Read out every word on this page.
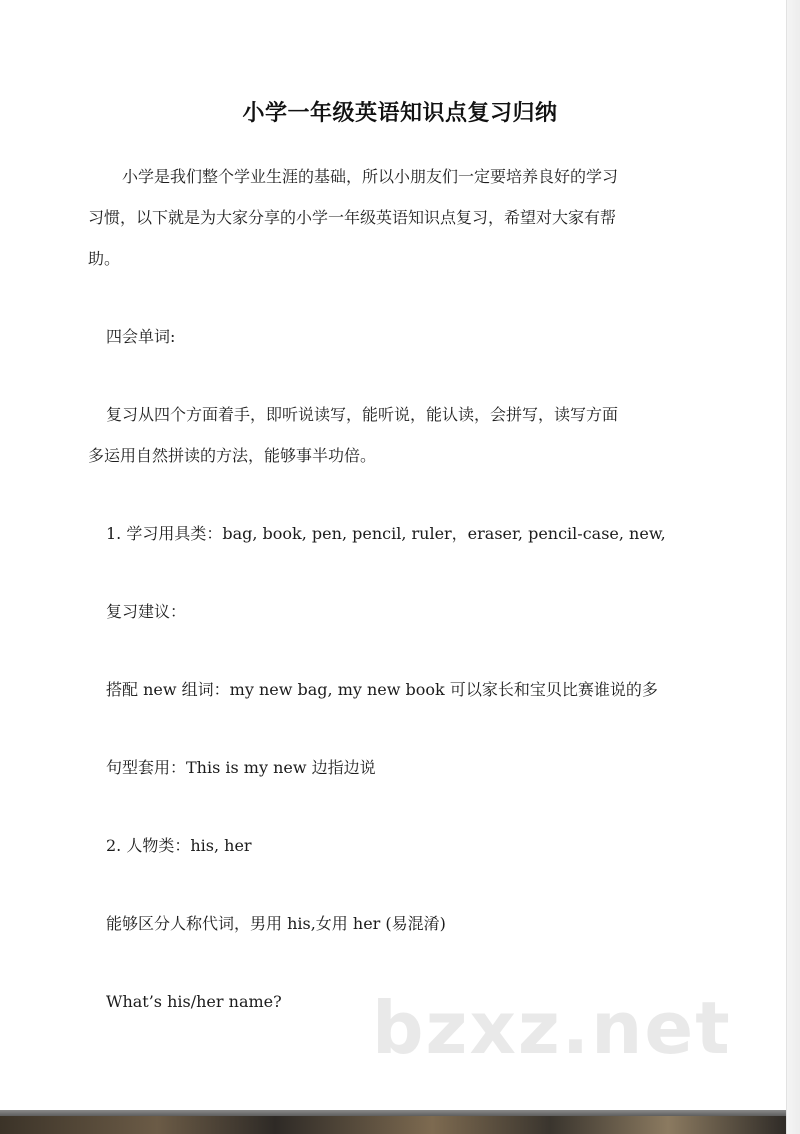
小学一年级英语知识点复习归纳

小学是我们整个学业生涯的基础，所以小朋友们一定要培养良好的学习

习惯，以下就是为大家分享的小学一年级英语知识点复习，希望对大家有帮

助。

四会单词:

复习从四个方面着手，即听说读写，能听说，能认读，会拼写，读写方面

多运用自然拼读的方法，能够事半功倍。

1. 学习用具类：bag, book, pen, pencil, ruler，eraser, pencil-case, new,

复习建议：

搭配 new 组词：my new bag, my new book 可以家长和宝贝比赛谁说的多

句型套用：This is my new 边指边说

2. 人物类：his, her

能够区分人称代词，男用 his,女用 her (易混淆)

What’s his/her name? bzxz.net
